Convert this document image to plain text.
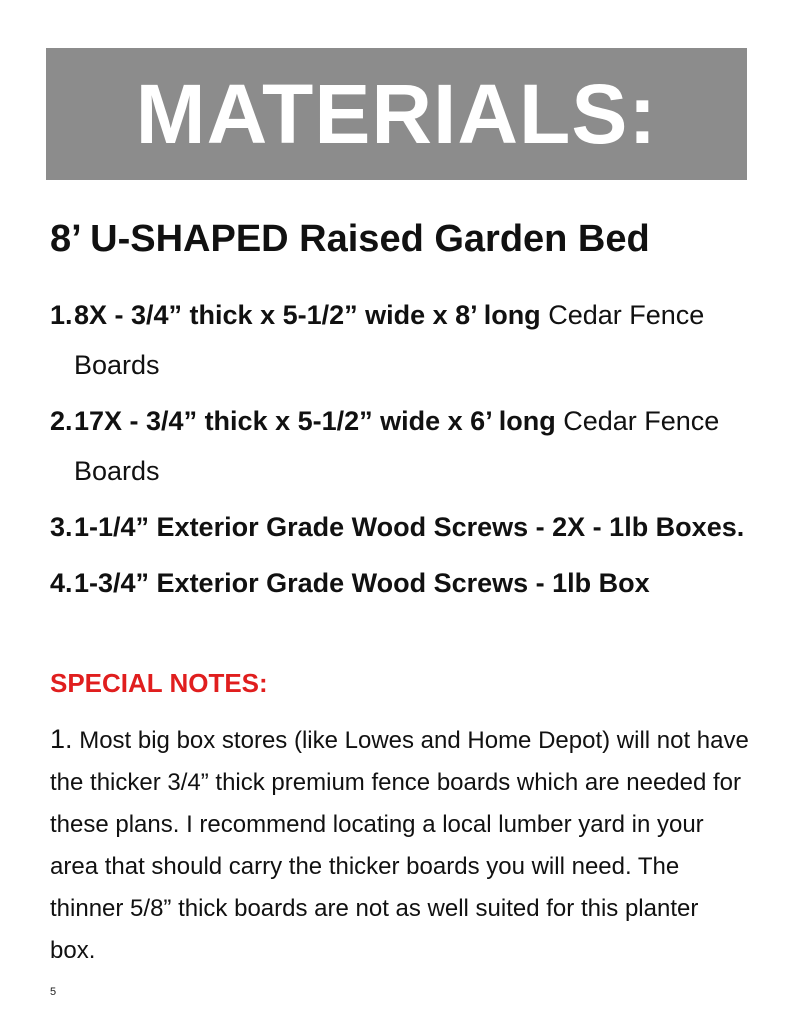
MATERIALS:
8’ U-SHAPED Raised Garden Bed
1. 8X - 3/4” thick x 5-1/2” wide x 8’ long Cedar Fence Boards
2. 17X - 3/4” thick x 5-1/2” wide x 6’ long Cedar Fence Boards
3. 1-1/4” Exterior Grade Wood Screws - 2X - 1lb Boxes.
4. 1-3/4” Exterior Grade Wood Screws - 1lb Box
SPECIAL NOTES:
1. Most big box stores (like Lowes and Home Depot) will not have the thicker 3/4” thick premium fence boards which are needed for these plans. I recommend locating a local lumber yard in your area that should carry the thicker boards you will need. The thinner 5/8” thick boards are not as well suited for this planter box.
5
